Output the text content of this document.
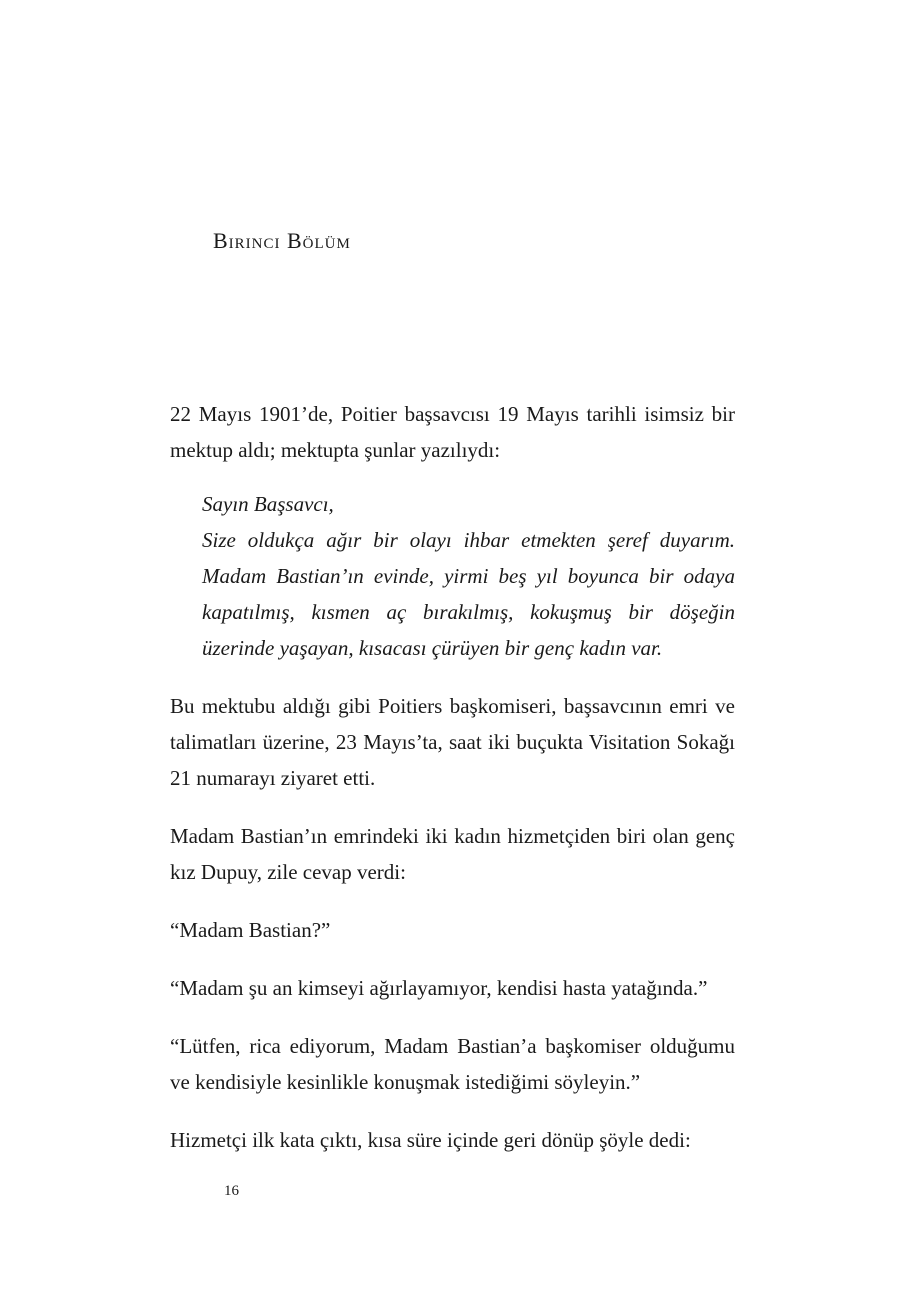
Birinci Bölüm

22 Mayıs 1901’de, Poitier başsavcısı 19 Mayıs tarihli isimsiz bir mektup aldı; mektupta şunlar yazılıydı:

Sayın Başsavcı,

Size oldukça ağır bir olayı ihbar etmekten şeref duyarım. Madam Bastian’ın evinde, yirmi beş yıl boyunca bir odaya kapatılmış, kısmen aç bırakılmış, kokuşmuş bir döşeğin üzerinde yaşayan, kısacası çürüyen bir genç kadın var.

Bu mektubu aldığı gibi Poitiers başkomiseri, başsavcının emri ve talimatları üzerine, 23 Mayıs’ta, saat iki buçukta Visitation Sokağı 21 numarayı ziyaret etti.

Madam Bastian’ın emrindeki iki kadın hizmetçiden biri olan genç kız Dupuy, zile cevap verdi:

“Madam Bastian?”

“Madam şu an kimseyi ağırlayamıyor, kendisi hasta yatağında.”

“Lütfen, rica ediyorum, Madam Bastian’a başkomiser olduğumu ve kendisiyle kesinlikle konuşmak istediğimi söyleyin.”

Hizmetçi ilk kata çıktı, kısa süre içinde geri dönüp şöyle dedi:

16
